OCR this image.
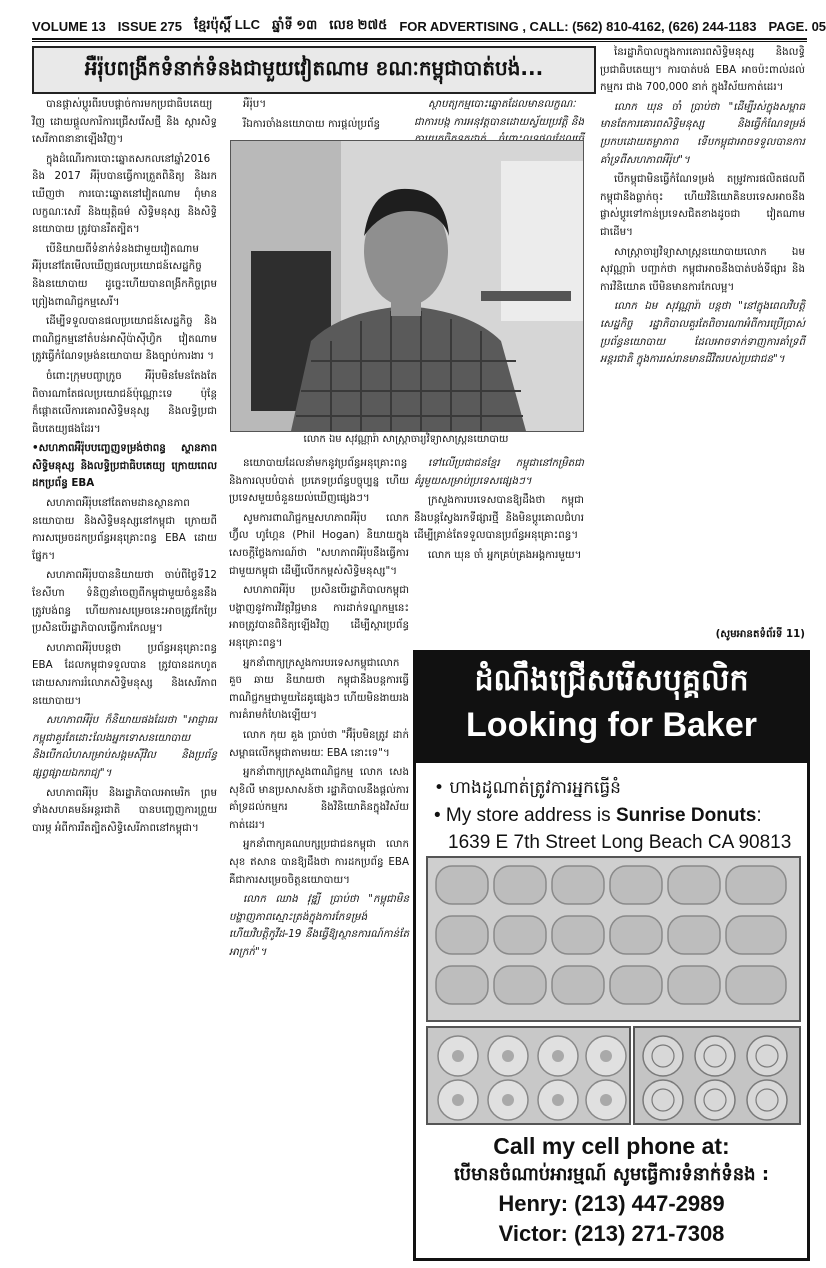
VOLUME 13 ISSUE 275 ខ្មែរប៉ុស្តិ៍ LLC ឆ្នាំទី ១៣ លេខ ២៧៥ FOR ADVERTISING , CALL: (562) 810-4162, (626) 244-1183 PAGE. 05
អឺរ៉ុបពង្រីកទំនាក់ទំនងជាមួយវៀតណាម ខណៈកម្ពុជាបាត់បង់...

បានផ្តាស់ប្តូរពីរបបផ្តាច់ការមកប្រជាធិបតេយ្យ វិញ ដោយផ្តួលការិការជ្រើសរើសថ្មី និង ស្តារសិទ្ធសេរីភាពនានាឡើងវិញ។

ក្នុងដំណើរការបោះឆ្នោតសកលនៅឆ្នាំ2016 និង 2017 អឺរ៉ុបបានធ្វើការត្រួតពិនិត្យ និងរកឃើញថា ការបោះឆ្នោតនៅវៀតណាម ពុំមានលក្ខណៈសេរី និងយុត្តិធម៌ សិទ្ធិមនុស្ស និងសិទ្ធិនយោបាយ ត្រូវបានរឹតត្បិត។

បើនិយាយពីទំនាក់ទំនងជាមួយវៀតណាម អឺរ៉ុបនៅតែមើលឃើញផលប្រយោជន៍សេដ្ឋកិច្ច និងនយោបាយ ដូច្នេះហើយបានពង្រីកកិច្ចព្រមព្រៀងពាណិជ្ជកម្មសេរី។

ដើម្បីទទួលបានផលប្រយោជន៍សេដ្ឋកិច្ច និង ពាណិជ្ជកម្មនៅតំបន់អាស៊ីប៉ាស៊ីហ្វិក វៀតណាម ត្រូវធ្វើកំណែទម្រង់នយោបាយ និងច្បាប់ការងារ ។

ចំពោះក្រុមបញ្ចាក្រូច អឺរ៉ុបមិនមែនតែងតែ ពិចារណាតែផលប្រយោជន៍ប៉ុណ្ណោះទេ ប៉ុន្តែក៏ផ្តោតលើការគោរពសិទ្ធិមនុស្ស និងលទ្ធិប្រជាធិបតេយ្យផងដែរ។

•សហភាពអឺរ៉ុបបញ្ចេញទម្រង់ថាពន្ធ ស្ថានភាពសិទ្ធិមនុស្ស និងលទ្ធិប្រជាធិបតេយ្យ ក្រោយពេលដកប្រព័ន្ធ EBA

សហភាពអឺរ៉ុបនៅតែតាមដានស្ថានភាពនយោបាយ និងសិទ្ធិមនុស្សនៅកម្ពុជា ក្រោយពីការសម្រេចដកប្រព័ន្ធអនុគ្រោះពន្ធ EBA ដោយផ្នែក។

សហភាពអឺរ៉ុបបាននិយាយថា ចាប់ពីថ្ងៃទី12 ខែសីហា ទំនិញនាំចេញពីកម្ពុជាមួយចំនួននឹងត្រូវបង់ពន្ធ ហើយការសម្រេចនេះអាចត្រូវកែប្រែ ប្រសិនបើរដ្ឋាភិបាលធ្វើការកែលម្អ។

សហភាពអឺរ៉ុបបន្តថា ប្រព័ន្ធអនុគ្រោះពន្ធ EBA ដែលកម្ពុជាទទួលបាន ត្រូវបានដកហូតដោយសារការរំលោភសិទ្ធិមនុស្ស និងសេរីភាពនយោបាយ។

សហភាពអឺរ៉ុប ក៏និយាយផងដែរថា "អាជ្ញាធរកម្ពុជាគួរតែដោះលែងអ្នកទោសនយោបាយ និងបើកលំហសម្រាប់សង្គមស៊ីវិល និងប្រព័ន្ធផ្សព្វផ្សាយឯករាជ្យ"។

សហភាពអឺរ៉ុប និងរដ្ឋាភិបាលអាមេរិក ព្រមទាំងសហគមន៍អន្តរជាតិ បានបញ្ចេញការព្រួយបារម្ភ អំពីការរឹតត្បិតសិទ្ធិសេរីភាពនៅកម្ពុជា។

អឺរ៉ុប។

រីឯការចាំងនយោបាយ ការផ្តល់ប្រព័ន្ធ

ស្ថាបត្យកម្មបោះឆ្នោតដែលមានលក្ខណៈជាការបង្ក ការអនុវត្តបានដោយស្វ័យប្រវត្តិ និង

លោក ឯម សុវណ្ណារ៉ា សាស្ត្រាចារ្យវិទ្យាសាស្ត្រនយោបាយ

នយោបាយដែលនាំមកនូវប្រព័ន្ធអនុគ្រោះពន្ធ និងការលុបបំបាត់ ប្រភេទប្រព័ន្ធបច្ចុប្បន្ន ហើយប្រទេសមួយចំនួនយល់ឃើញផ្សេងៗ។

សូមការពាណិជ្ជកម្មសហភាពអឺរ៉ុប លោក ហ្វ៊ីល ហូហ្គែន (Phil Hogan) និយាយក្នុងសេចក្តីថ្លែងការណ៍ថា "សហភាពអឺរ៉ុបនឹងធ្វើការជាមួយកម្ពុជា ដើម្បីលើកកម្ពស់សិទ្ធិមនុស្ស"។

សហភាពអឺរ៉ុប ប្រសិនបើរដ្ឋាភិបាលកម្ពុជាបង្ហាញនូវការវិវត្តវិជ្ជមាន ការដាក់ទណ្ឌកម្មនេះអាចត្រូវបានពិនិត្យឡើងវិញ ដើម្បីស្តារប្រព័ន្ធអនុគ្រោះពន្ធ។

អ្នកនាំពាក្យក្រសួងការបរទេសកម្ពុជាលោក គួច ឆាយ និយាយថា កម្ពុជានឹងបន្តការធ្វើពាណិជ្ជកម្មជាមួយដៃគូផ្សេងៗ ហើយមិនងាយរងការគំរាមកំហែងឡើយ។

លោក កុយ គួង ប្រាប់ថា "អ៊ឺរ៉ុបមិនត្រូវ ដាក់សម្ពាធលើកម្ពុជាតាមរយៈ EBA នោះទេ"។

អ្នកនាំពាក្យក្រសួងពាណិជ្ជកម្ម លោក សេង សុខិលី មានប្រសាសន៍ថា រដ្ឋាភិបាលនឹងផ្តល់ការគាំទ្រដល់កម្មករ និងវិនិយោគិនក្នុងវិស័យកាត់ដេរ។

អ្នកនាំពាក្យគណបក្សប្រជាជនកម្ពុជា លោក សុខ ឥសាន បានឱ្យដឹងថា ការដកប្រព័ន្ធ EBA គឺជាការសម្រេចចិត្តនយោបាយ។

លោក ឈាង វុឌ្ឍី ប្រាប់ថា "កម្ពុជាមិនបង្ហាញភាពស្មោះត្រង់ក្នុងការកែទម្រង់ ហើយវិបត្តិកូវីដ-19 នឹងធ្វើឱ្យស្ថានការណ៍កាន់តែអាក្រក់"។

ទៅលើប្រជាជនខ្មែរ កម្ពុជានៅកម្រិតជា គំរូមួយសម្រាប់ប្រទេសផ្សេងៗ។

ក្រសួងការបរទេសបានឱ្យដឹងថា កម្ពុជានឹងបន្តស្វែងរកទីផ្សារថ្មី និងមិនប្តូរគោលជំហរ ដើម្បីគ្រាន់តែទទួលបានប្រព័ន្ធអនុគ្រោះពន្ធ។

លោក ឃុន ចាំ អ្នកគ្រប់គ្រងអង្គការមួយ។

នៃរដ្ឋាភិបាលក្នុងការគោរពសិទ្ធិមនុស្ស និងលទ្ធិប្រជាធិបតេយ្យ។ ការបាត់បង់ EBA អាចប៉ះពាល់ដល់កម្មករ ជាង 700,000 នាក់ ក្នុងវិស័យកាត់ដេរ។

លោក ឃុន ចាំ ប្រាប់ថា "ដើម្បីរស់ក្នុងសម្ពាធ មានតែការគោរពសិទ្ធិមនុស្ស និងធ្វើកំណែទម្រង់ប្រកបដោយតម្លាភាព ទើបកម្ពុជាអាចទទួលបានការគាំទ្រពីសហភាពអឺរ៉ុប"។

បើកម្ពុជាមិនធ្វើកំណែទម្រង់ តម្រូវការផលិតផលពីកម្ពុជានឹងធ្លាក់ចុះ ហើយវិនិយោគិនបរទេសអាចនឹងផ្លាស់ប្តូរទៅកាន់ប្រទេសជិតខាងដូចជា វៀតណាម ជាដើម។

សាស្ត្រាចារ្យវិទ្យាសាស្ត្រនយោបាយលោក ឯម សុវណ្ណារ៉ា បញ្ជាក់ថា កម្ពុជាអាចនឹងបាត់បង់ទីផ្សារ និងការវិនិយោគ បើមិនមានការកែលម្អ។

លោក ឯម សុវណ្ណារ៉ា បន្តថា "នៅក្នុងពេលវិបត្តិសេដ្ឋកិច្ច រដ្ឋាភិបាលគួរតែពិចារណាអំពីការប្រើប្រាស់ប្រព័ន្ធនយោបាយ ដែលអាចទាក់ទាញការគាំទ្រពីអន្តរជាតិ ក្នុងការរស់រានមានជីវិតរបស់ប្រជាជន"។

(សូមអានតទំព័រទី 11)
ដំណឹងជ្រើសរើសបុគ្គលិក
Looking for Baker
• ហាងដូណាត់ត្រូវការអ្នកធ្វើនំ
• My store address is Sunrise Donuts:
1639 E 7th Street Long Beach CA 90813
Call my cell phone at:
បើមានចំណាប់អារម្មណ៍ សូមធ្វើការទំនាក់ទំនង :
Henry: (213) 447-2989
Victor: (213) 271-7308
